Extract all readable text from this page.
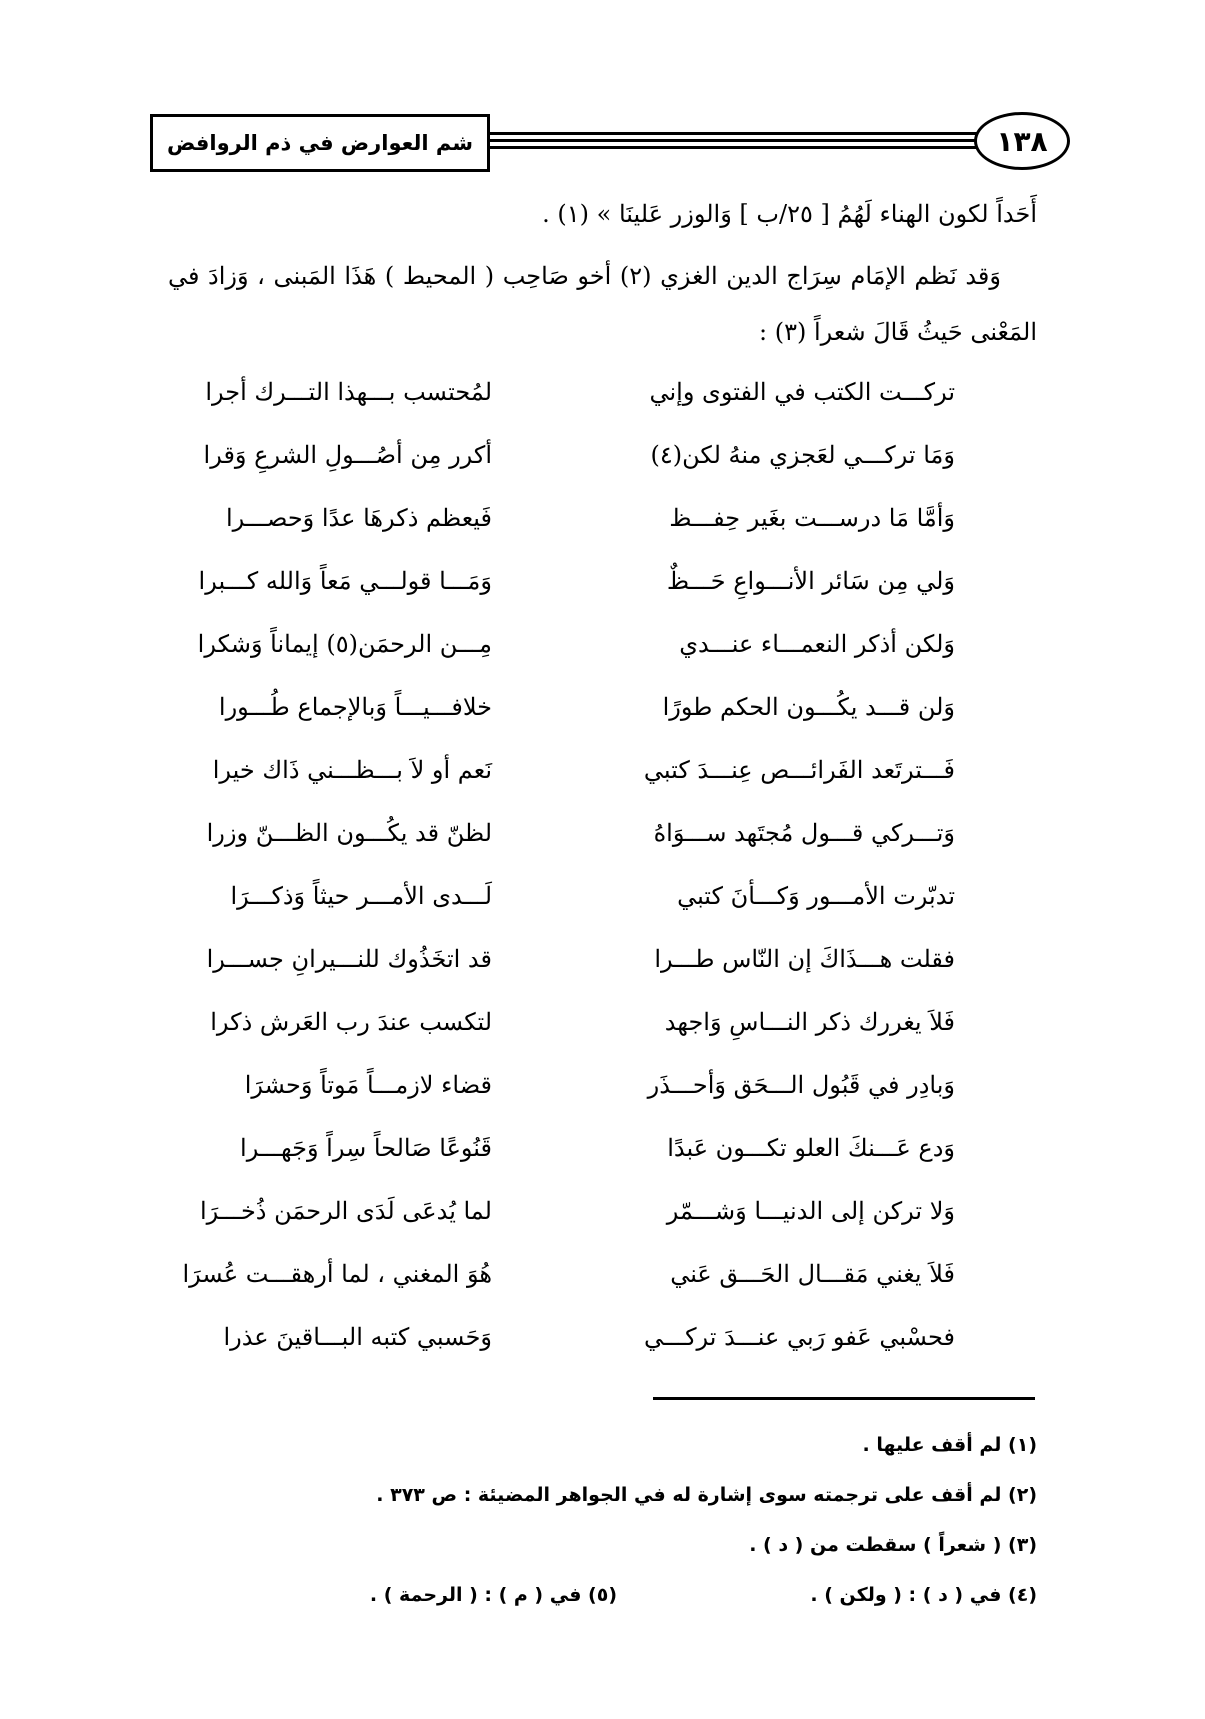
١٣٨
شم العوارض في ذم الروافض

أَحَداً لكون الهناء لَهُمُ [ ٢٥/ب ] وَالوزر عَلينَا » (١) .

وَقد نَظم الإمَام سِرَاج الدين الغزي (٢) أخو صَاحِب ( المحيط ) هَذَا المَبنى ، وَزادَ في المَعْنى حَيثُ قَالَ شعراً (٣) :

تركـــت الكتب في الفتوى وإني
لمُحتسب بـــهذا التـــرك أجرا
وَمَا تركـــي لعَجزي منهُ لكن(٤)
أكرر مِن أصُـــولِ الشرعِ وَقرا
وَأمَّا مَا درســـت بغَير حِفـــظ
فَيعظم ذكرهَا عدًا وَحصـــرا
وَلي مِن سَائر الأنـــواعِ حَـــظٌ
وَمَـــا قولـــي مَعاً وَالله كـــبرا
وَلكن أذكر النعمـــاء عنـــدي
مِـــن الرحمَن(٥) إيماناً وَشكرا
وَلن قـــد يكُـــون الحكم طورًا
خلافـــيـــاً وَبالإجماع طُـــورا
فَـــترتَعد الفَرائـــص عِنـــدَ كتبي
نَعم أو لاَ بـــظـــني ذَاك خيرا
وَتـــركي قـــول مُجتَهد ســـوَاهُ
لظنّ قد يكُـــون الظـــنّ وزرا
تدبّرت الأمـــور وَكـــأنَ كتبي
لَـــدى الأمـــر حيثاً وَذكـــرَا
فقلت هـــذَاكَ إن النّاس طـــرا
قد اتخَذُوك للنـــيرانِ جســـرا
فَلاَ يغررك ذكر النـــاسِ وَاجهد
لتكسب عندَ رب العَرش ذكرا
وَبادِر في قَبُول الـــحَق وَأحـــذَر
قضاء لازمـــاً مَوتاً وَحشرَا
وَدع عَـــنكَ العلو تكـــون عَبدًا
قَنُوعًا صَالحاً سِراً وَجَهـــرا
وَلا تركن إلى الدنيـــا وَشـــمّر
لما يُدعَى لَدَى الرحمَن ذُخـــرَا
فَلاَ يغني مَقـــال الحَـــق عَني
هُوَ المغني ، لما أرهقـــت عُسرَا
فحسْبي عَفو رَبي عنـــدَ تركـــي
وَحَسبي كتبه البـــاقينَ عذرا
(١) لم أقف عليها .
(٢) لم أقف على ترجمته سوى إشارة له في الجواهر المضيئة : ص ٣٧٣ .
(٣) ( شعراً ) سقطت من ( د ) .
(٤) في ( د ) : ( ولكن ) .
(٥) في ( م ) : ( الرحمة ) .
